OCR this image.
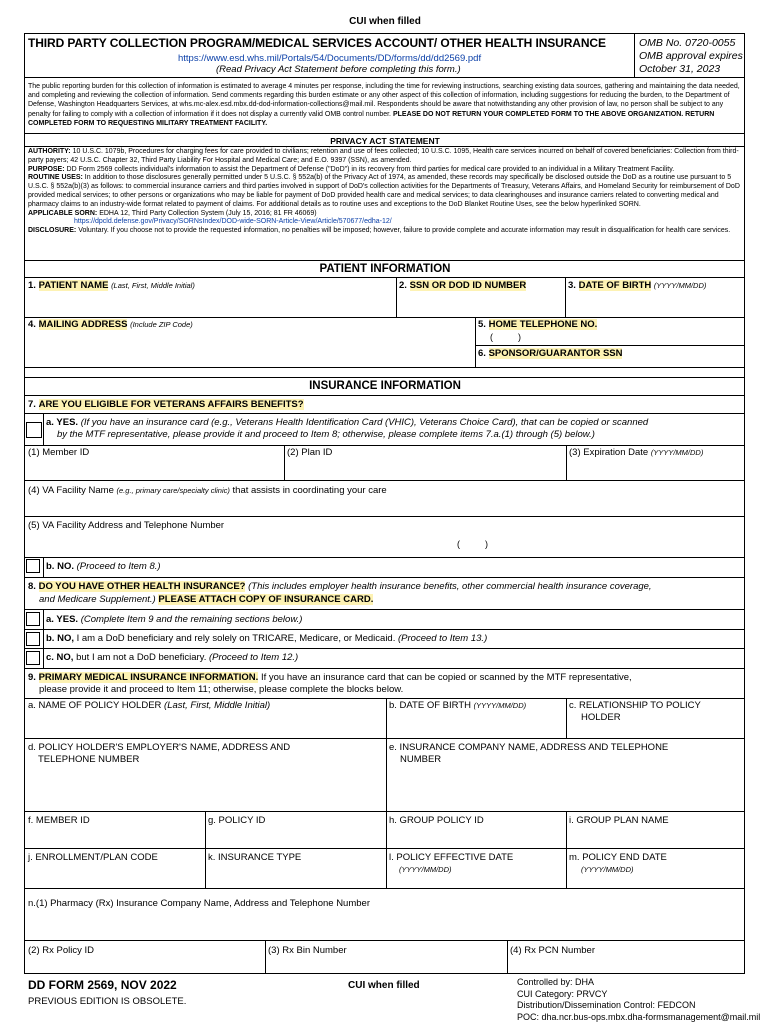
CUI when filled
THIRD PARTY COLLECTION PROGRAM/MEDICAL SERVICES ACCOUNT/ OTHER HEALTH INSURANCE
https://www.esd.whs.mil/Portals/54/Documents/DD/forms/dd/dd2569.pdf
(Read Privacy Act Statement before completing this form.)
OMB No. 0720-0055
OMB approval expires
October 31, 2023
The public reporting burden for this collection of information is estimated to average 4 minutes per response, including the time for reviewing instructions, searching existing data sources, gathering and maintaining the data needed, and completing and reviewing the collection of information. Send comments regarding this burden estimate or any other aspect of this collection of information, including suggestions for reducing the burden, to the Department of Defense, Washington Headquarters Services, at whs.mc-alex.esd.mbx.dd-dod-information-collections@mail.mil. Respondents should be aware that notwithstanding any other provision of law, no person shall be subject to any penalty for failing to comply with a collection of information if it does not display a currently valid OMB control number. PLEASE DO NOT RETURN YOUR COMPLETED FORM TO THE ABOVE ORGANIZATION. RETURN COMPLETED FORM TO REQUESTING MILITARY TREATMENT FACILITY.
PRIVACY ACT STATEMENT
AUTHORITY: 10 U.S.C. 1079b, Procedures for charging fees for care provided to civilians; retention and use of fees collected; 10 U.S.C. 1095, Health care services incurred on behalf of covered beneficiaries: Collection from third-party payers; 42 U.S.C. Chapter 32, Third Party Liability For Hospital and Medical Care; and E.O. 9397 (SSN), as amended.
PURPOSE: DD Form 2569 collects individual's information to assist the Department of Defense ("DoD") in its recovery from third parties for medical care provided to an individual in a Military Treatment Facility.
ROUTINE USES: In addition to those disclosures generally permitted under 5 U.S.C. § 552a(b) of the Privacy Act of 1974, as amended, these records may specifically be disclosed outside the DoD as a routine use pursuant to 5 U.S.C. § 552a(b)(3) as follows: to commercial insurance carriers and third parties involved in support of DoD's collection activities for the Departments of Treasury, Veterans Affairs, and Homeland Security for reimbursement of DoD provided medical services; to other persons or organizations who may be liable for payment of DoD provided health care and medical services; to data clearinghouses and insurance carriers related to converting medical and pharmacy claims to an industry-wide format related to payment of claims. For additional details as to routine uses and exceptions to the DoD Blanket Routine Uses, see the below hyperlinked SORN.
APPLICABLE SORN: EDHA 12, Third Party Collection System (July 15, 2016; 81 FR 46069)
https://dpcld.defense.gov/Privacy/SORNsIndex/DOD-wide-SORN-Article-View/Article/570677/edha-12/
DISCLOSURE: Voluntary. If you choose not to provide the requested information, no penalties will be imposed; however, failure to provide complete and accurate information may result in disqualification for health care services.
PATIENT INFORMATION
1. PATIENT NAME (Last, First, Middle Initial)	2. SSN OR DOD ID NUMBER	3. DATE OF BIRTH (YYYY/MM/DD)
4. MAILING ADDRESS (Include ZIP Code)	5. HOME TELEPHONE NO.
(          )
6. SPONSOR/GUARANTOR SSN
INSURANCE INFORMATION
7. ARE YOU ELIGIBLE FOR VETERANS AFFAIRS BENEFITS?
a. YES. (If you have an insurance card (e.g., Veterans Health Identification Card (VHIC), Veterans Choice Card), that can be copied or scanned
by the MTF representative, please provide it and proceed to Item 8; otherwise, please complete items 7.a.(1) through (5) below.)
(1) Member ID	(2) Plan ID	(3) Expiration Date (YYYY/MM/DD)
(4) VA Facility Name (e.g., primary care/specialty clinic) that assists in coordinating your care
(5) VA Facility Address and Telephone Number
(          )
b. NO. (Proceed to Item 8.)
8. DO YOU HAVE OTHER HEALTH INSURANCE? (This includes employer health insurance benefits, other commercial health insurance coverage,
and Medicare Supplement.) PLEASE ATTACH COPY OF INSURANCE CARD.
a. YES. (Complete Item 9 and the remaining sections below.)
b. NO, I am a DoD beneficiary and rely solely on TRICARE, Medicare, or Medicaid. (Proceed to Item 13.)
c. NO, but I am not a DoD beneficiary. (Proceed to Item 12.)
9. PRIMARY MEDICAL INSURANCE INFORMATION. If you have an insurance card that can be copied or scanned by the MTF representative,
please provide it and proceed to Item 11; otherwise, please complete the blocks below.
a. NAME OF POLICY HOLDER (Last, First, Middle Initial)	b. DATE OF BIRTH (YYYY/MM/DD)	c. RELATIONSHIP TO POLICY
HOLDER
d. POLICY HOLDER'S EMPLOYER'S NAME, ADDRESS AND
TELEPHONE NUMBER
e. INSURANCE COMPANY NAME, ADDRESS AND TELEPHONE
NUMBER
f. MEMBER ID	g. POLICY ID	h. GROUP POLICY ID	i. GROUP PLAN NAME
j. ENROLLMENT/PLAN CODE	k. INSURANCE TYPE	l. POLICY EFFECTIVE DATE
(YYYY/MM/DD)
m. POLICY END DATE
(YYYY/MM/DD)
n.(1) Pharmacy (Rx) Insurance Company Name, Address and Telephone Number
(2) Rx Policy ID	(3) Rx Bin Number	(4) Rx PCN Number
DD FORM 2569, NOV 2022
PREVIOUS EDITION IS OBSOLETE.
CUI when filled	Controlled by: DHA
CUI Category: PRVCY
Distribution/Dissemination Control: FEDCON
POC: dha.ncr.bus-ops.mbx.dha-formsmanagement@mail.mil
